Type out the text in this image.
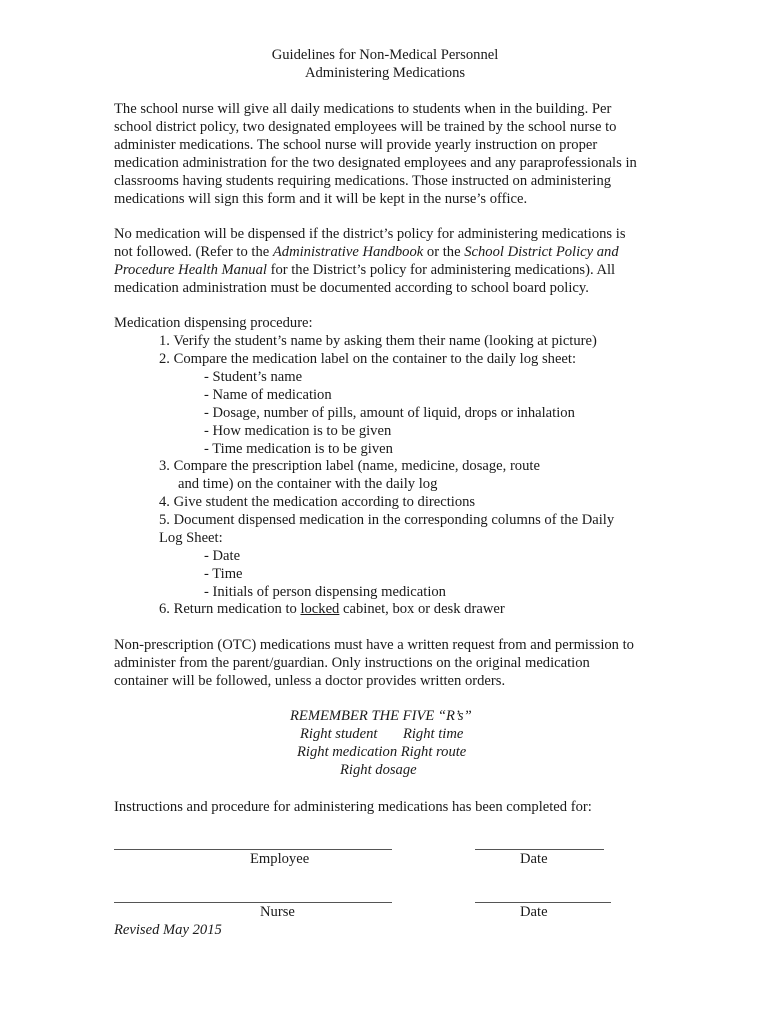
Guidelines for Non-Medical Personnel
Administering Medications
The school nurse will give all daily medications to students when in the building. Per
school district policy, two designated employees will be trained by the school nurse to
administer medications. The school nurse will provide yearly instruction on proper
medication administration for the two designated employees and any paraprofessionals in
classrooms having students requiring medications. Those instructed on administering
medications will sign this form and it will be kept in the nurse’s office.
No medication will be dispensed if the district’s policy for administering medications is
not followed. (Refer to the Administrative Handbook or the School District Policy and
Procedure Health Manual for the District’s policy for administering medications). All
medication administration must be documented according to school board policy.
Medication dispensing procedure:
1. Verify the student’s name by asking them their name (looking at picture)
2. Compare the medication label on the container to the daily log sheet:
- Student’s name
- Name of medication
- Dosage, number of pills, amount of liquid, drops or inhalation
- How medication is to be given
- Time medication is to be given
3. Compare the prescription label (name, medicine, dosage, route
and time) on the container with the daily log
4. Give student the medication according to directions
5. Document dispensed medication in the corresponding columns of the Daily
Log Sheet:
- Date
- Time
- Initials of person dispensing medication
6. Return medication to locked cabinet, box or desk drawer
Non-prescription (OTC) medications must have a written request from and permission to
administer from the parent/guardian. Only instructions on the original medication
container will be followed, unless a doctor provides written orders.
REMEMBER THE FIVE “R’s”
Right student       Right time
Right medication Right route
Right dosage
Instructions and procedure for administering medications has been completed for:
Employee	Date
Nurse	Date
Revised May 2015
